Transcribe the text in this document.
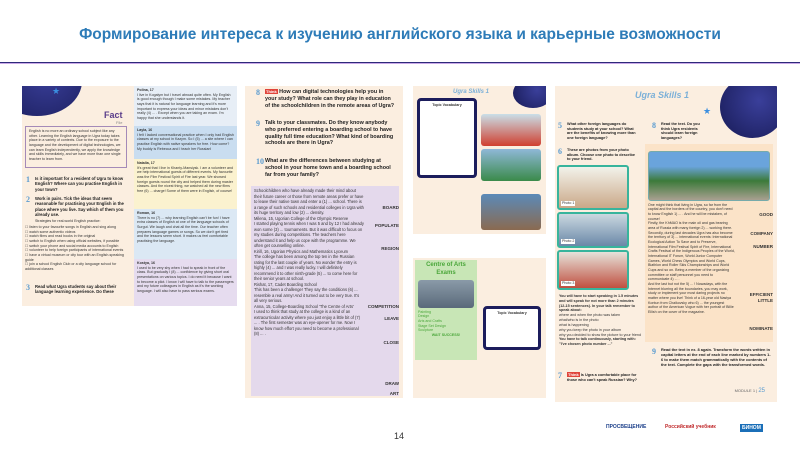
Формирование интереса к изучению английского языка и карьерные возможности
★
Fact
File
English is no more an ordinary school subject like any other. Learning the English language in Ugra today takes place in a variety of contexts. Due to the exposure to the language and the development of digital technologies, we can learn English independently, we apply the knowledge and skills immediately, and we have more than one single teacher to learn from.
1 Is it important for a resident of Ugra to know English? Where can you practise English in your town?
2 Work in pairs. Tick the ideas that seem reasonable for practising your English in the place where you live. Say which of them you already use.
Strategies for real-world English practice:
☐ listen to your favourite songs in English and sing along
☐ watch some authentic videos
☐ watch films and read books in the original
☐ switch to English when using official websites, if possible
☐ switch your phone and social media accounts to English
☐ volunteer to help foreign participants of international events
☐ have a virtual museum or city tour with an English-speaking guide
☐ join a school English Club or a city language school for additional classes
3 Read what Ugra students say about their language learning experience. Do these
Polina, 17
I live in Kogalym but I travel abroad quite often. My English is good enough though I make some mistakes. My teacher says that it is natural for language learning and it's more important to express your ideas and minor mistakes don't really (4) ... . Except when you are taking an exam. I'm happy that she understands it.
Layla, 16
I felt I lacked conversational practice when I only had English classes at my school in Kazym. So I (5) ... a site where I can practise English with native speakers for free. How come? My buddy is Rebecca and I teach her Russian!
Natalia, 17
It's great that I live in Khanty-Mansiysk. I am a volunteer and we help international guests of different events. My favourite was the Film Festival Spirit of Fire last year. We showed foreign guests round the city and helped them during master classes. And the nicest thing, we watched all the new films free (6) ... charge! Some of them were in English, of course!
Roman, 16
There is no (7) ... why learning English can't be fun! I have extra classes of English at one of the language schools of Surgut. We laugh and chat all the time. Our teacher often prepares language games or songs. So we don't get tired and the lessons seem short. It makes us feel comfortable practising the language.
Kostya, 16
I used to be very shy when I had to speak in front of the class. But gradually I (8) ... confidence by giving short oral presentations on various topics. I do need it because I want to become a pilot. I know I will have to talk to the passengers and my future colleagues in English as it's the working language. I will also have to pass serious exams.
8 Think How can digital technologies help you in your study? What role can they play in education of the schoolchildren in the remote areas of Ugra?
9 Talk to your classmates. Do they know anybody who preferred entering a boarding school to have quality full time education? What kind of boarding schools are there in Ugra?
10 What are the differences between studying at school in your home town and a boarding school far from your family?
Schoolchildren who have already made their mind about their future career or those from remote areas prefer or have to leave their native town and enter a (1) ... school. There is a range of such schools and residential colleges in Ugra with its huge territory and low (2) ... density.
Milena, 15, Ugorian College of the Olympic Reserve
I started playing tennis when I was 5 and by 12 I had already won some (3) ... tournaments. But it was difficult to focus on my studies during competitions. The teachers here understand it and help us cope with the programme. We often get counselling online.
Kirill, 16, Ugorian Physics and Mathematics Lyceum
The college has been among the top ten in the Russian rating for the last couple of years. No wonder the entry is highly (4) ... and I was really lucky. I will definitely recommend it to other ninth-grade (5) ... to come here for their senior years at school.
Rishat, 17, Cadet Boarding School
This has been a challenge! They say the conditions (6) ... resemble a real army! And it turned out to be very true. It's all very serious.
Anna, 15, College-Boarding School 'The Centre of Arts'
I used to think that study at the college is a kind of an extracurricular activity where you just enjoy a little bit of (7) ... . The first semester was an eye-opener for me. Now I know how much effort you need to become a professional (8) ... .
BOARD
POPULATE
REGION
COMPETITION
LEAVE
CLOSE
DRAW
ART
Ugra Skills 1
Topic Vocabulary
Centre of Arts Exams
Painting
Design
Arts and Crafts
Stage Set Design
Sculpture
WAIT SUCCESS!
Topic Vocabulary
Ugra Skills 1
★
5 What other foreign languages do students study at your school? What are the benefits of knowing more than one foreign language?
6 These are photos from your photo album. Choose one photo to describe to your friend.
Photo 1
Photo 2
Photo 3
You will have to start speaking in 1.5 minutes and will speak for not more than 2 minutes (12-15 sentences). In your talk remember to speak about:
where and when the photo was taken
what/who is in the photo
what is happening
why you keep the photo in your album
why you decided to show the picture to your friend
You have to talk continuously, starting with: "I've chosen photo number ..."
7 Think Is Ugra a comfortable place for those who can't speak Russian? Why?
8 Read the text. Do you think Ugra residents should learn foreign languages?

One might think that living in Ugra, so far from the capital and the borders of the country, you don't need to know English 1) ... . And he will be mistaken, of course!
Firstly, the KhMAO is the main oil and gas bearing area of Russia with many foreign 2) ... working there.
Secondly, during last decades Ugra has also become the territory of 3) ... international events: International Ecological Action To Save and to Preserve, International Film Festival Spirit of Fire, International Crafts Festival of the Indigenous Peoples of the World, International IT Forum, World Junior Computer Games, World Chess Olympics and World Cups, Biathlon and Roller Skis Championships and World Cups and so on. Being a member of the organizing committee or staff personnel you need to communicate 4) ... .
And the last but not the 5) ... ! Nowadays, with the Internet blurring all the boundaries, you may work, study or implement your most daring projects no matter where you live! Think of a 16-year old Nastya Kontun from Chaikovsky who 6) ... the youngest author of the American Vogue with her portrait of Billie Eilish on the cover of the magazine.

GOOD
COMPANY
NUMBER
EFFICIENT
LITTLE
NOMINATE
9 Read the text in ex. 8 again. Transform the words written in capital letters at the end of each line marked by numbers 1-6 to make them match grammatically with the contents of the text. Complete the gaps with the transformed words.
MODULE 1 | 25
14
ПРОСВЕЩЕНИЕ	Российский учебник	БИНОМ
